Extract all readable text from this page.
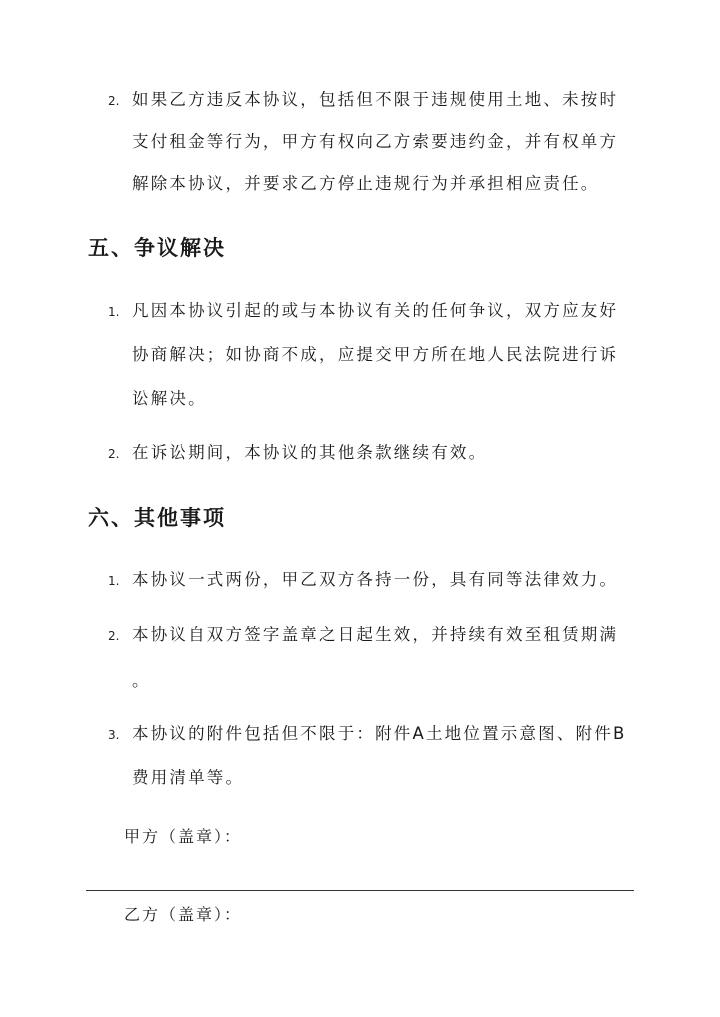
2. 如果乙方违反本协议，包括但不限于违规使用土地、未按时
支付租金等行为，甲方有权向乙方索要违约金，并有权单方
解除本协议，并要求乙方停止违规行为并承担相应责任。
五、争议解决
1. 凡因本协议引起的或与本协议有关的任何争议，双方应友好
协商解决；如协商不成，应提交甲方所在地人民法院进行诉
讼解决。
2. 在诉讼期间，本协议的其他条款继续有效。
六、其他事项
1. 本协议一式两份，甲乙双方各持一份，具有同等法律效力。
2. 本协议自双方签字盖章之日起生效，并持续有效至租赁期满
。
3. 本协议的附件包括但不限于：附件A土地位置示意图、附件B
费用清单等。
甲方（盖章）：
乙方（盖章）：
